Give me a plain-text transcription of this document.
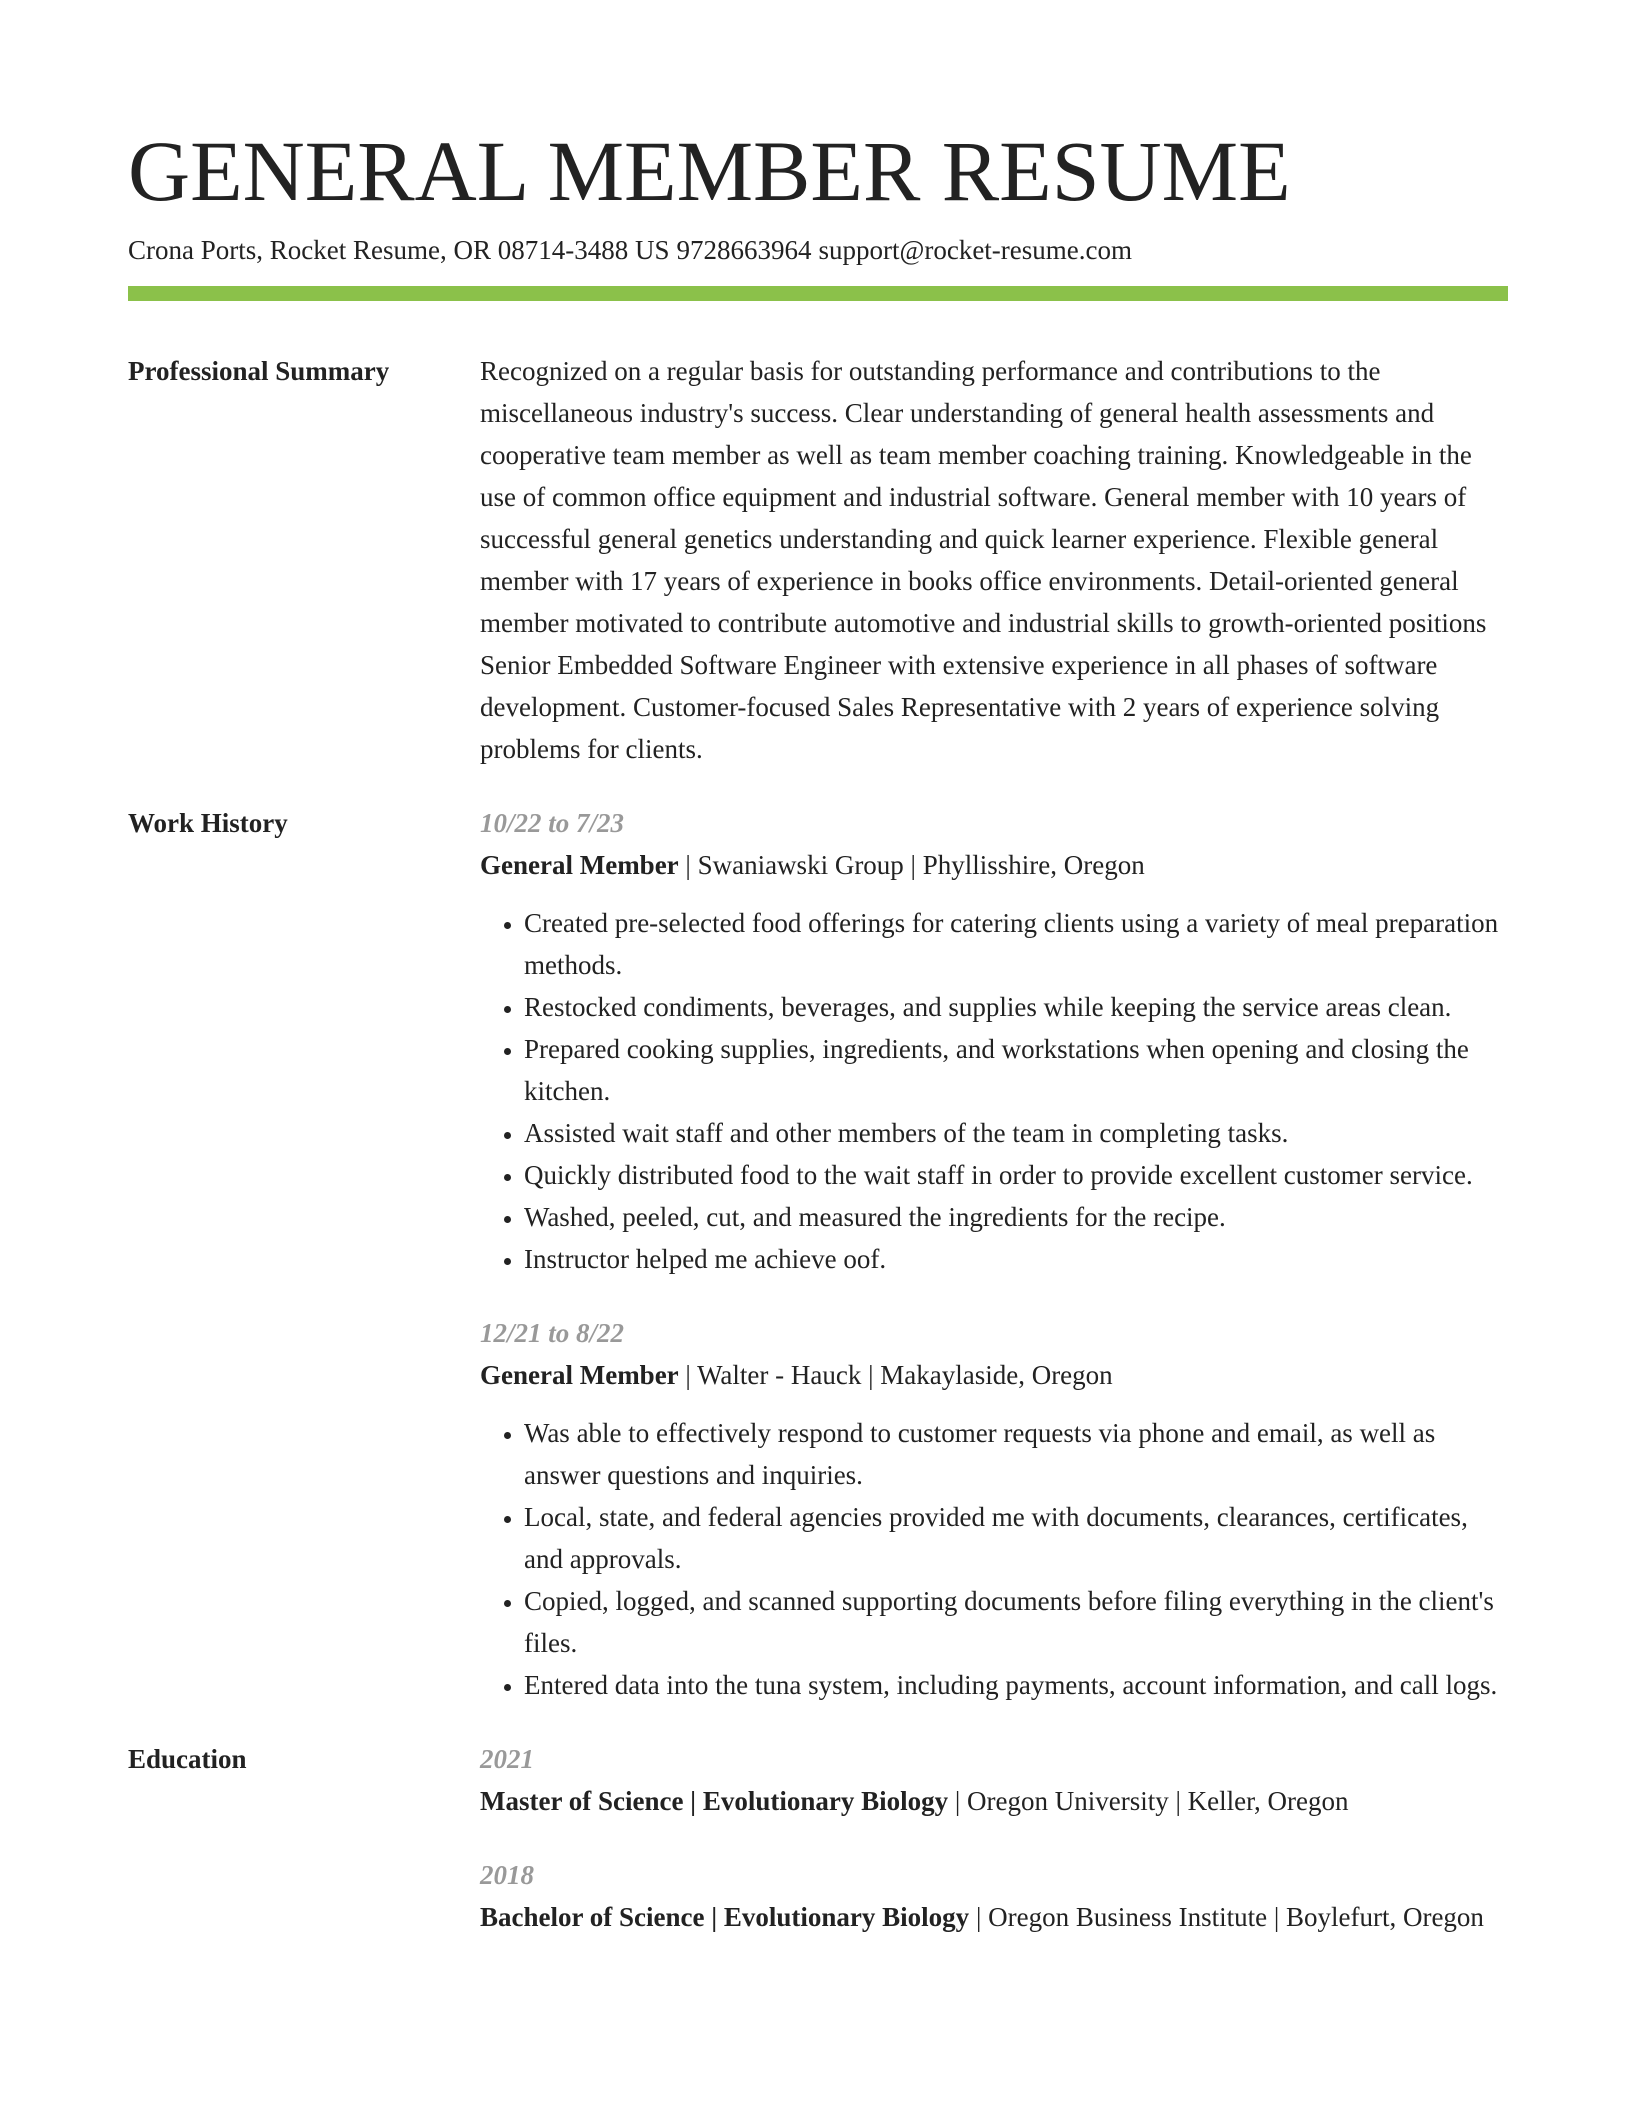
GENERAL MEMBER RESUME
Crona Ports, Rocket Resume, OR 08714-3488 US 9728663964 support@rocket-resume.com
Professional Summary	Recognized on a regular basis for outstanding performance and contributions to the miscellaneous industry's success. Clear understanding of general health assessments and cooperative team member as well as team member coaching training. Knowledgeable in the use of common office equipment and industrial software. General member with 10 years of successful general genetics understanding and quick learner experience. Flexible general member with 17 years of experience in books office environments. Detail-oriented general member motivated to contribute automotive and industrial skills to growth-oriented positions Senior Embedded Software Engineer with extensive experience in all phases of software development. Customer-focused Sales Representative with 2 years of experience solving problems for clients.

Work History	10/22 to 7/23
General Member | Swaniawski Group | Phyllisshire, Oregon
• Created pre-selected food offerings for catering clients using a variety of meal preparation methods.
• Restocked condiments, beverages, and supplies while keeping the service areas clean.
• Prepared cooking supplies, ingredients, and workstations when opening and closing the kitchen.
• Assisted wait staff and other members of the team in completing tasks.
• Quickly distributed food to the wait staff in order to provide excellent customer service.
• Washed, peeled, cut, and measured the ingredients for the recipe.
• Instructor helped me achieve oof.
12/21 to 8/22
General Member | Walter - Hauck | Makaylaside, Oregon
• Was able to effectively respond to customer requests via phone and email, as well as answer questions and inquiries.
• Local, state, and federal agencies provided me with documents, clearances, certificates, and approvals.
• Copied, logged, and scanned supporting documents before filing everything in the client's files.
• Entered data into the tuna system, including payments, account information, and call logs.
Education	2021
Master of Science | Evolutionary Biology | Oregon University | Keller, Oregon
2018
Bachelor of Science | Evolutionary Biology | Oregon Business Institute | Boylefurt, Oregon
